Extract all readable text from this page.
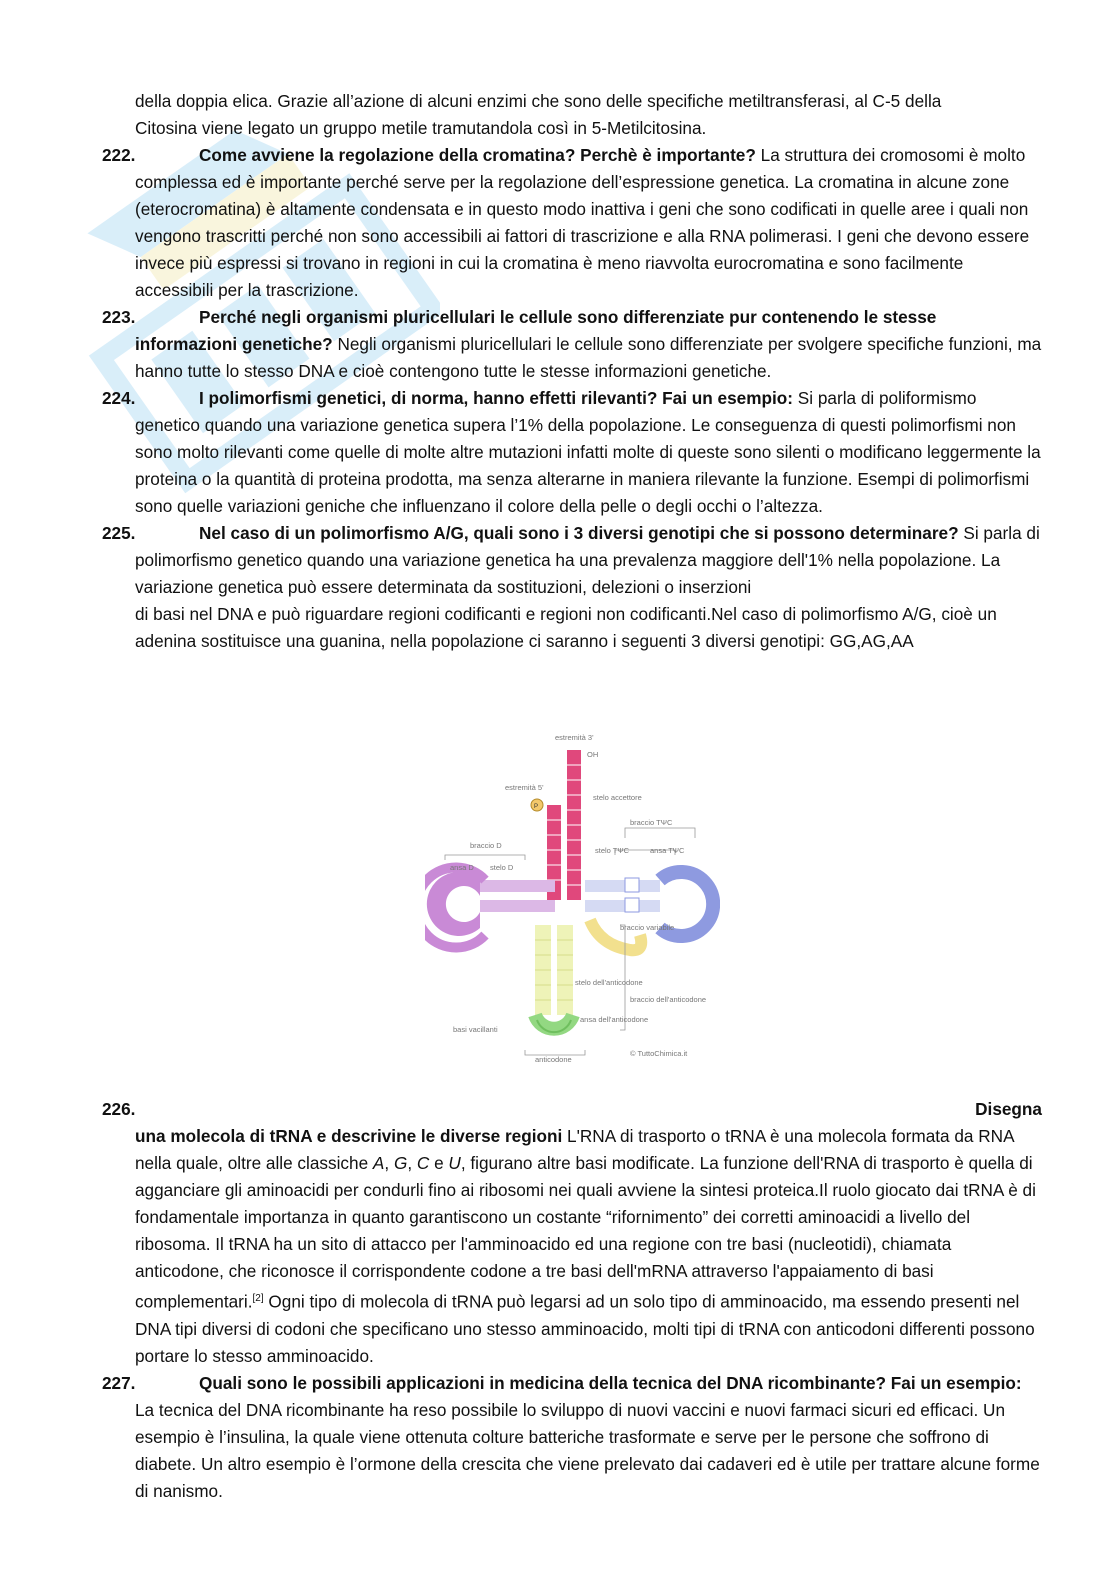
della doppia elica. Grazie all’azione di alcuni enzimi che sono delle specifiche metiltransferasi, al C-5 della
Citosina viene legato un gruppo metile tramutandola così in 5-Metilcitosina.

222.	Come avviene la regolazione della cromatina? Perchè è importante? La struttura dei cromosomi è molto complessa ed è importante perché serve per la regolazione dell’espressione genetica. La cromatina in alcune zone (eterocromatina) è altamente condensata e in questo modo inattiva i geni che sono codificati in quelle aree i quali non vengono trascritti perché non sono accessibili ai fattori di trascrizione e alla RNA polimerasi. I geni che devono essere invece più espressi si trovano in regioni in cui la cromatina è meno riavvolta eurocromatina e sono facilmente accessibili per la trascrizione.

223.	Perché negli organismi pluricellulari le cellule sono differenziate pur contenendo le stesse informazioni genetiche? Negli organismi pluricellulari le cellule sono differenziate per svolgere specifiche funzioni, ma hanno tutte lo stesso DNA e cioè contengono tutte le stesse informazioni genetiche.

224.	I polimorfismi genetici, di norma, hanno effetti rilevanti? Fai un esempio: Si parla di poliformismo genetico quando una variazione genetica supera l’1% della popolazione. Le conseguenza di questi polimorfismi non sono molto rilevanti come quelle di molte altre mutazioni infatti molte di queste sono silenti o modificano leggermente la proteina o la quantità di proteina prodotta, ma senza alterarne in maniera rilevante la funzione. Esempi di polimorfismi sono quelle variazioni geniche che influenzano il colore della pelle o degli occhi o l’altezza.

225.	Nel caso di un polimorfismo A/G, quali sono i 3 diversi genotipi che si possono determinare? Si parla di polimorfismo genetico quando una variazione genetica ha una prevalenza maggiore dell'1% nella popolazione. La variazione genetica può essere determinata da sostituzioni, delezioni o inserzioni
di basi nel DNA e può riguardare regioni codificanti e regioni non codificanti.Nel caso di polimorfismo A/G, cioè un adenina sostituisce una guanina, nella popolazione ci saranno i seguenti 3 diversi genotipi: GG,AG,AA

estremità 3'
OH
estremità 5'
P
stelo accettore
braccio TΨC
stelo TΨC	ansa TΨC
braccio D
ansa D stelo D
braccio variabile
stelo dell'anticodone
braccio dell'anticodone
ansa dell'anticodone
basi vacillanti
anticodone
© TuttoChimica.it

226.	Disegna

una molecola di tRNA e descrivine le diverse regioni L'RNA di trasporto o tRNA è una molecola formata da RNA nella quale, oltre alle classiche A, G, C e U, figurano altre basi modificate. La funzione dell'RNA di trasporto è quella di agganciare gli aminoacidi per condurli fino ai ribosomi nei quali avviene la sintesi proteica.Il ruolo giocato dai tRNA è di fondamentale importanza in quanto garantiscono un costante “rifornimento” dei corretti aminoacidi a livello del ribosoma. Il tRNA ha un sito di attacco per l'amminoacido ed una regione con tre basi (nucleotidi), chiamata anticodone, che riconosce il corrispondente codone a tre basi dell'mRNA attraverso l'appaiamento di basi
complementari.[2] Ogni tipo di molecola di tRNA può legarsi ad un solo tipo di amminoacido, ma essendo presenti nel DNA tipi diversi di codoni che specificano uno stesso amminoacido, molti tipi di tRNA con anticodoni differenti possono portare lo stesso amminoacido.

227.	Quali sono le possibili applicazioni in medicina della tecnica del DNA ricombinante? Fai un esempio: La tecnica del DNA ricombinante ha reso possibile lo sviluppo di nuovi vaccini e nuovi farmaci sicuri ed efficaci. Un esempio è l’insulina, la quale viene ottenuta colture batteriche trasformate e serve per le persone che soffrono di diabete. Un altro esempio è l’ormone della crescita che viene prelevato dai cadaveri ed è utile per trattare alcune forme di nanismo.
